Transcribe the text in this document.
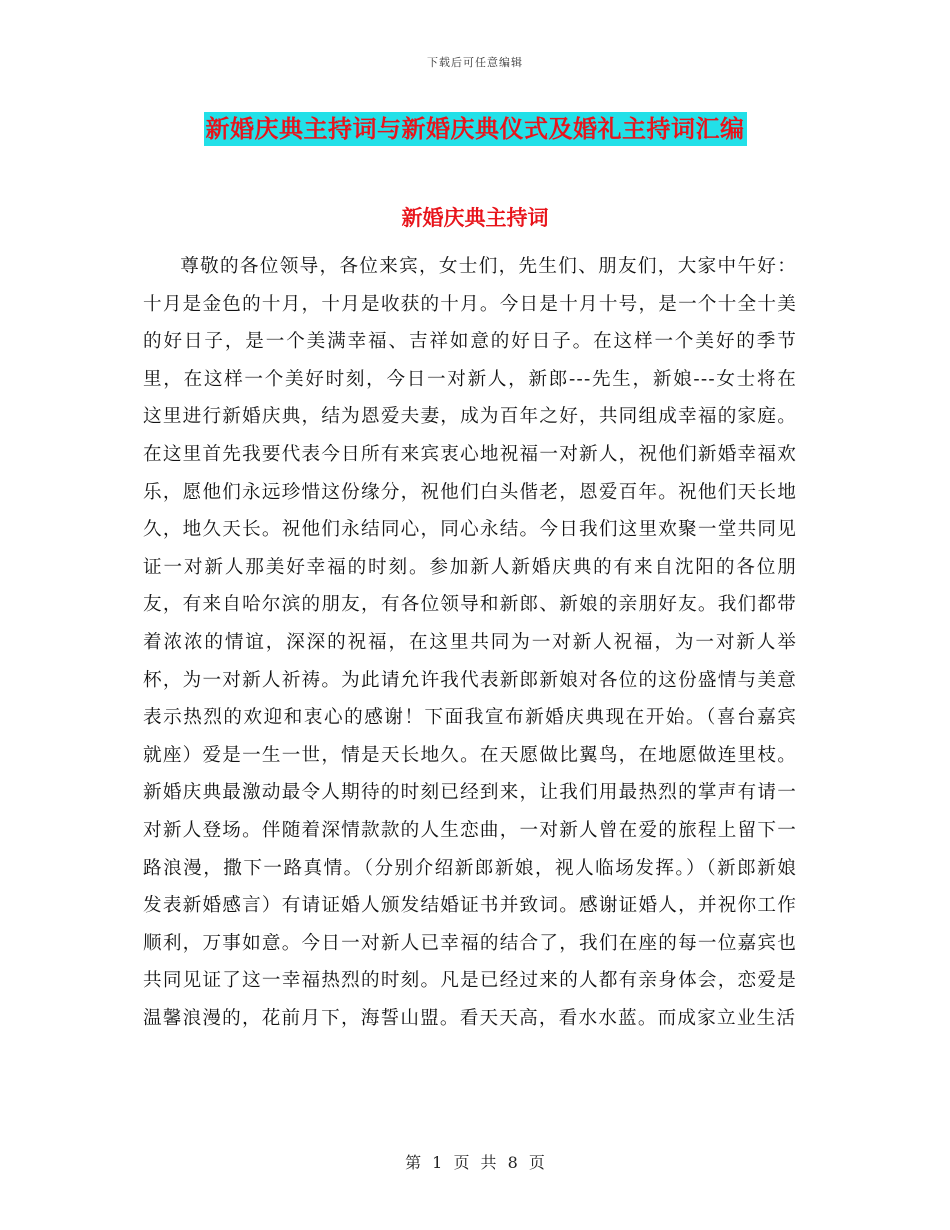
下载后可任意编辑
新婚庆典主持词与新婚庆典仪式及婚礼主持词汇编
新婚庆典主持词

尊敬的各位领导，各位来宾，女士们，先生们、朋友们，大家中午好：十月是金色的十月，十月是收获的十月。今日是十月十号，是一个十全十美的好日子，是一个美满幸福、吉祥如意的好日子。在这样一个美好的季节里，在这样一个美好时刻，今日一对新人，新郎---先生，新娘---女士将在这里进行新婚庆典，结为恩爱夫妻，成为百年之好，共同组成幸福的家庭。在这里首先我要代表今日所有来宾衷心地祝福一对新人，祝他们新婚幸福欢乐，愿他们永远珍惜这份缘分，祝他们白头偕老，恩爱百年。祝他们天长地久，地久天长。祝他们永结同心，同心永结。今日我们这里欢聚一堂共同见证一对新人那美好幸福的时刻。参加新人新婚庆典的有来自沈阳的各位朋友，有来自哈尔滨的朋友，有各位领导和新郎、新娘的亲朋好友。我们都带着浓浓的情谊，深深的祝福，在这里共同为一对新人祝福，为一对新人举杯，为一对新人祈祷。为此请允许我代表新郎新娘对各位的这份盛情与美意表示热烈的欢迎和衷心的感谢！下面我宣布新婚庆典现在开始。（喜台嘉宾就座）爱是一生一世，情是天长地久。在天愿做比翼鸟，在地愿做连里枝。新婚庆典最激动最令人期待的时刻已经到来，让我们用最热烈的掌声有请一对新人登场。伴随着深情款款的人生恋曲，一对新人曾在爱的旅程上留下一路浪漫，撒下一路真情。（分别介绍新郎新娘，视人临场发挥。）（新郎新娘发表新婚感言）有请证婚人颁发结婚证书并致词。感谢证婚人，并祝你工作顺利，万事如意。今日一对新人已幸福的结合了，我们在座的每一位嘉宾也共同见证了这一幸福热烈的时刻。凡是已经过来的人都有亲身体会，恋爱是温馨浪漫的，花前月下，海誓山盟。看天天高，看水水蓝。而成家立业生活

第 1 页 共 8 页
